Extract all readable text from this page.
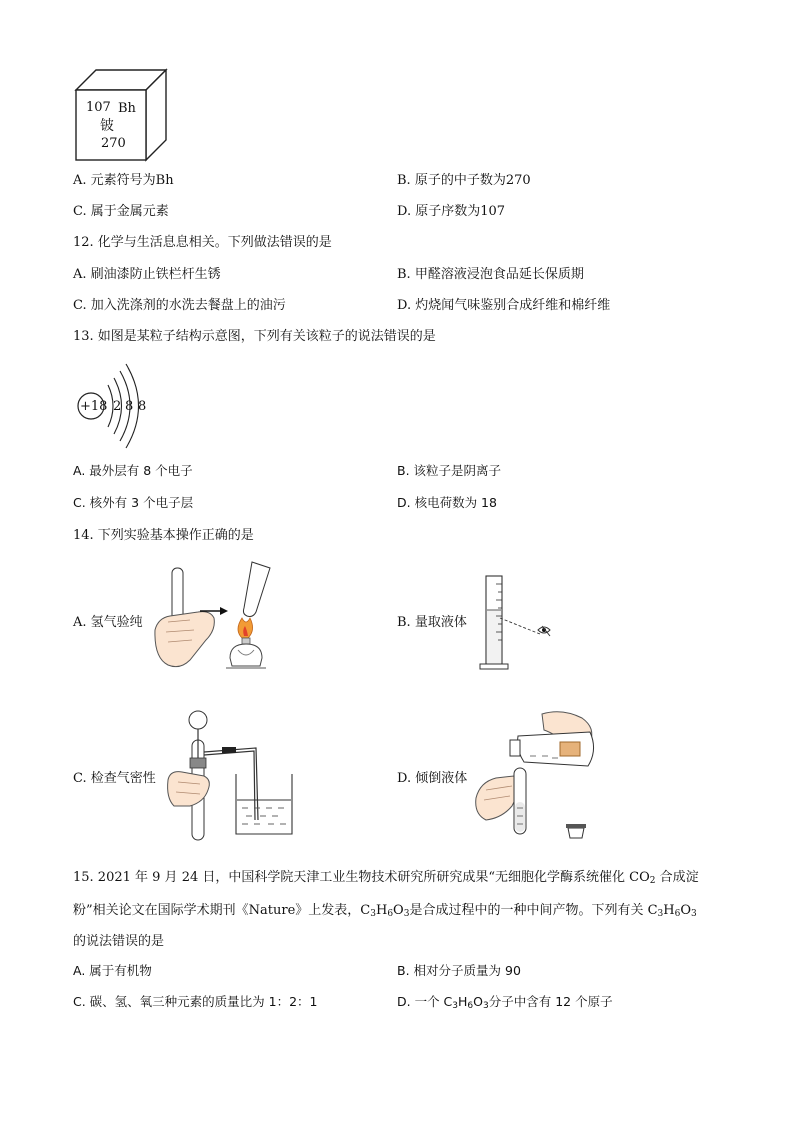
107 Bh
铍
270
A. 元素符号为Bh	B. 原子的中子数为270
C. 属于金属元素	D. 原子序数为107
12. 化学与生活息息相关。下列做法错误的是
A. 刷油漆防止铁栏杆生锈	B. 甲醛溶液浸泡食品延长保质期
C. 加入洗涤剂的水洗去餐盘上的油污	D. 灼烧闻气味鉴别合成纤维和棉纤维
13. 如图是某粒子结构示意图，下列有关该粒子的说法错误的是
+18 2 8 8
A. 最外层有 8 个电子	B. 该粒子是阴离子
C. 核外有 3 个电子层	D. 核电荷数为 18
14. 下列实验基本操作正确的是
A. 氢气验纯	B. 量取液体
C. 检查气密性	D. 倾倒液体
15. 2021 年 9 月 24 日，中国科学院天津工业生物技术研究所研究成果“无细胞化学酶系统催化 $CO_2$ 合成淀
粉”相关论文在国际学术期刊《Nature》上发表，$C_3H_6O_3$是合成过程中的一种中间产物。下列有关 $C_3H_6O_3$
的说法错误的是
A. 属于有机物	B. 相对分子质量为 90
C. 碳、氢、氧三种元素的质量比为 1：2：1	D. 一个 $C_3H_6O_3$分子中含有 12 个原子
